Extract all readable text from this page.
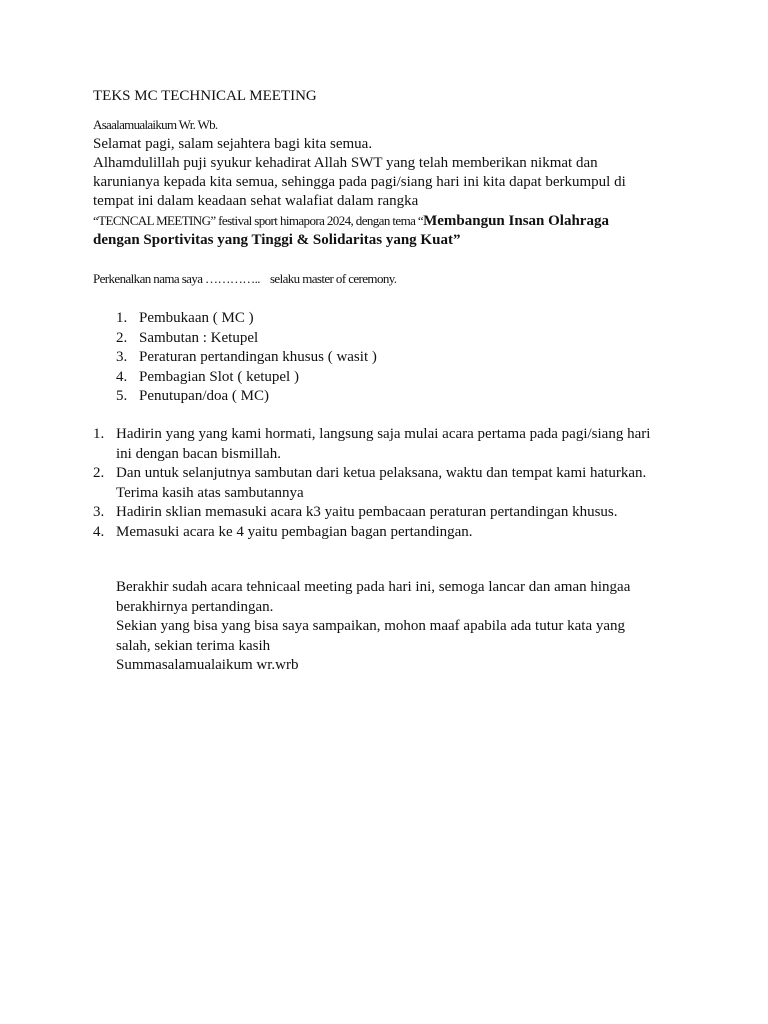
TEKS MC TECHNICAL MEETING
Asaalamualaikum Wr. Wb.
Selamat pagi, salam sejahtera bagi kita semua.
Alhamdulillah puji syukur kehadirat Allah SWT yang telah memberikan nikmat dan
karunianya kepada kita semua, sehingga pada pagi/siang hari ini kita dapat berkumpul di
tempat ini dalam keadaan sehat walafiat dalam rangka
“TECNCAL MEETING” festival sport himapora 2024, dengan tema “Membangun Insan Olahraga
dengan Sportivitas yang Tinggi & Solidaritas yang Kuat”
Perkenalkan nama saya ………….. selaku master of ceremony.
1. Pembukaan ( MC )
2. Sambutan : Ketupel
3. Peraturan pertandingan khusus ( wasit )
4. Pembagian Slot ( ketupel )
5. Penutupan/doa ( MC)
1. Hadirin yang yang kami hormati, langsung saja mulai acara pertama pada pagi/siang hari
ini dengan bacan bismillah.
2. Dan untuk selanjutnya sambutan dari ketua pelaksana, waktu dan tempat kami haturkan.
Terima kasih atas sambutannya
3. Hadirin sklian memasuki acara k3 yaitu pembacaan peraturan pertandingan khusus.
4. Memasuki acara ke 4 yaitu pembagian bagan pertandingan.
Berakhir sudah acara tehnicaal meeting pada hari ini, semoga lancar dan aman hingaa
berakhirnya pertandingan.
Sekian yang bisa yang bisa saya sampaikan, mohon maaf apabila ada tutur kata yang
salah, sekian terima kasih
Summasalamualaikum wr.wrb
